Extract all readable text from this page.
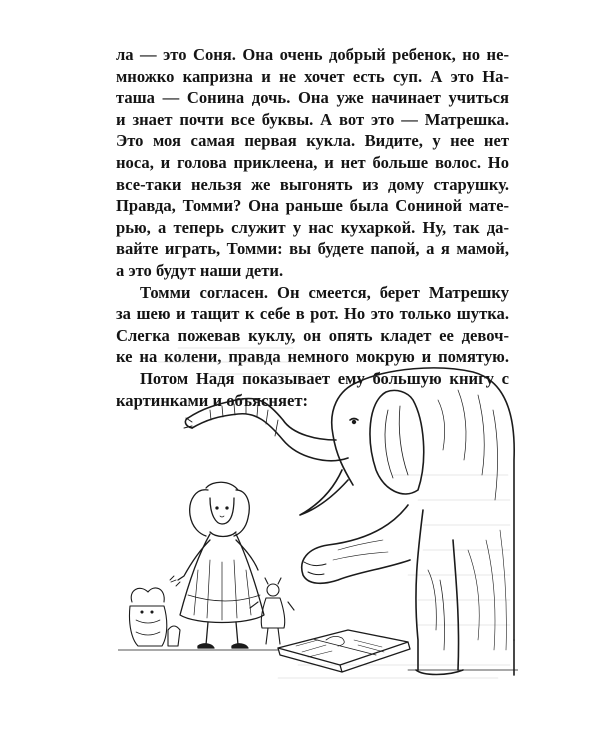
ла — это Соня. Она очень добрый ребенок, но не-
множко капризна и не хочет есть суп. А это На-
таша — Сонина дочь. Она уже начинает учиться
и знает почти все буквы. А вот это — Матрешка.
Это моя самая первая кукла. Видите, у нее нет
носа, и голова приклеена, и нет больше волос. Но
все-таки нельзя же выгонять из дому старушку.
Правда, Томми? Она раньше была Сониной мате-
рью, а теперь служит у нас кухаркой. Ну, так да-
вайте играть, Томми: вы будете папой, а я мамой,
а это будут наши дети.

Томми согласен. Он смеется, берет Матрешку
за шею и тащит к себе в рот. Но это только шутка.
Слегка пожевав куклу, он опять кладет ее девоч-
ке на колени, правда немного мокрую и помятую.

Потом Надя показывает ему большую книгу с
картинками и объясняет:
